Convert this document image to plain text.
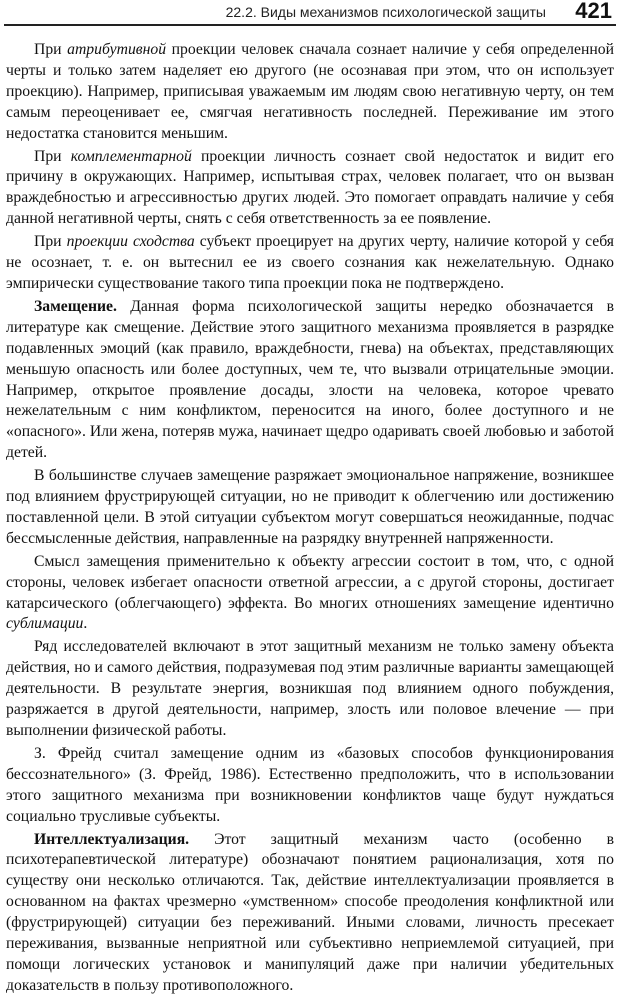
22.2. Виды механизмов психологической защиты 421

При атрибутивной проекции человек сначала сознает наличие у себя определенной черты и только затем наделяет ею другого (не осознавая при этом, что он использует проекцию). Например, приписывая уважаемым им людям свою негативную черту, он тем самым переоценивает ее, смягчая негативность последней. Переживание им этого недостатка становится меньшим.

При комплементарной проекции личность сознает свой недостаток и видит его причину в окружающих. Например, испытывая страх, человек полагает, что он вызван враждебностью и агрессивностью других людей. Это помогает оправдать наличие у себя данной негативной черты, снять с себя ответственность за ее появление.

При проекции сходства субъект проецирует на других черту, наличие которой у себя не осознает, т. е. он вытеснил ее из своего сознания как нежелательную. Однако эмпирически существование такого типа проекции пока не подтверждено.

Замещение. Данная форма психологической защиты нередко обозначается в литературе как смещение. Действие этого защитного механизма проявляется в разрядке подавленных эмоций (как правило, враждебности, гнева) на объектах, представляющих меньшую опасность или более доступных, чем те, что вызвали отрицательные эмоции. Например, открытое проявление досады, злости на человека, которое чревато нежелательным с ним конфликтом, переносится на иного, более доступного и не «опасного». Или жена, потеряв мужа, начинает щедро одаривать своей любовью и заботой детей.

В большинстве случаев замещение разряжает эмоциональное напряжение, возникшее под влиянием фрустрирующей ситуации, но не приводит к облегчению или достижению поставленной цели. В этой ситуации субъектом могут совершаться неожиданные, подчас бессмысленные действия, направленные на разрядку внутренней напряженности.

Смысл замещения применительно к объекту агрессии состоит в том, что, с одной стороны, человек избегает опасности ответной агрессии, а с другой стороны, достигает катарсического (облегчающего) эффекта. Во многих отношениях замещение идентично сублимации.

Ряд исследователей включают в этот защитный механизм не только замену объекта действия, но и самого действия, подразумевая под этим различные варианты замещающей деятельности. В результате энергия, возникшая под влиянием одного побуждения, разряжается в другой деятельности, например, злость или половое влечение — при выполнении физической работы.

З. Фрейд считал замещение одним из «базовых способов функционирования бессознательного» (З. Фрейд, 1986). Естественно предположить, что в использовании этого защитного механизма при возникновении конфликтов чаще будут нуждаться социально трусливые субъекты.

Интеллектуализация. Этот защитный механизм часто (особенно в психотерапевтической литературе) обозначают понятием рационализация, хотя по существу они несколько отличаются. Так, действие интеллектуализации проявляется в основанном на фактах чрезмерно «умственном» способе преодоления конфликтной или (фрустрирующей) ситуации без переживаний. Иными словами, личность пресекает переживания, вызванные неприятной или субъективно неприемлемой ситуацией, при помощи логических установок и манипуляций даже при наличии убедительных доказательств в пользу противоположного.
